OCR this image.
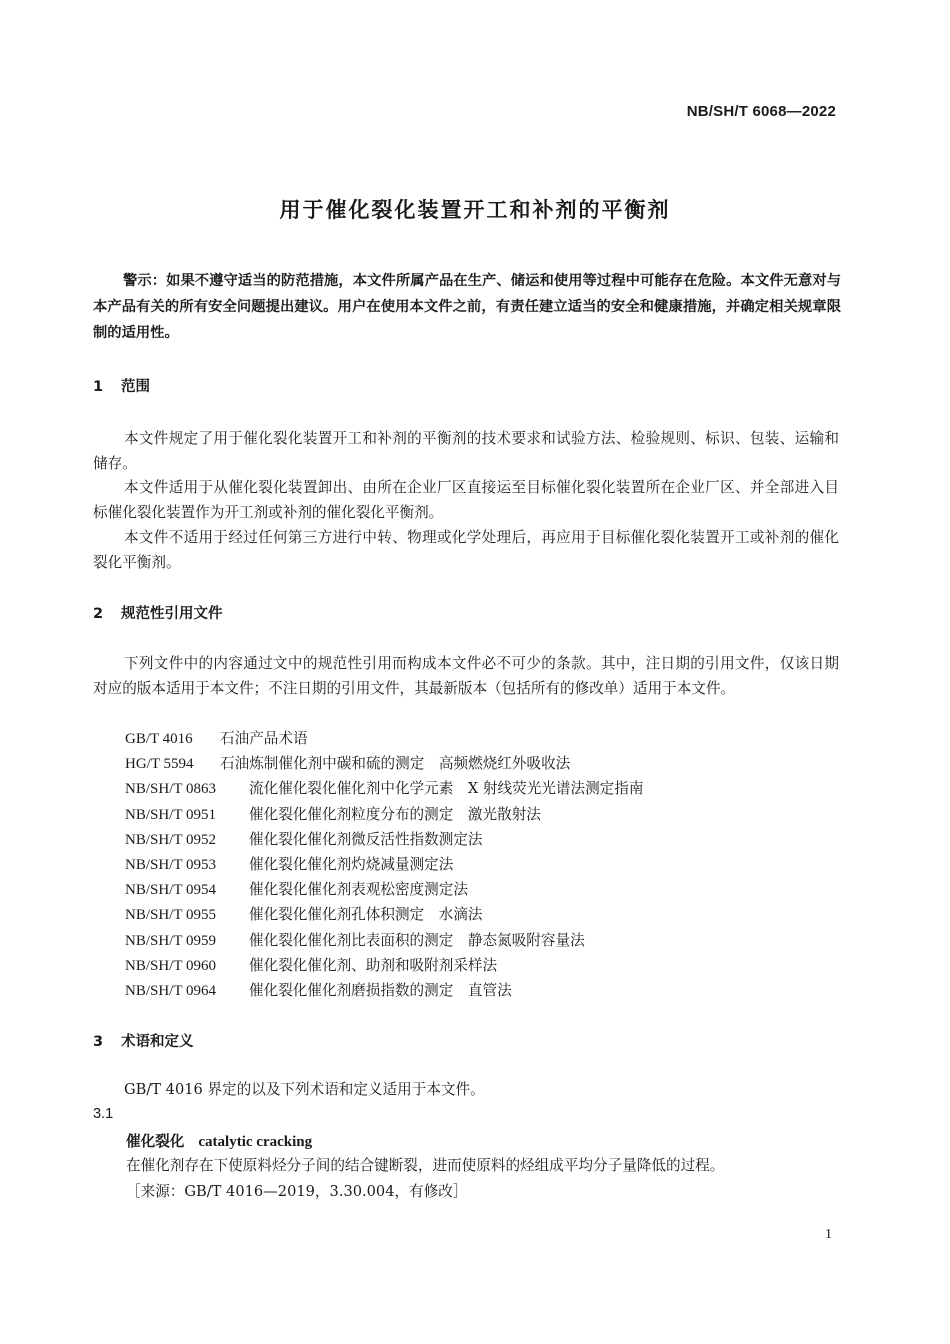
NB/SH/T 6068—2022
用于催化裂化装置开工和补剂的平衡剂
警示：如果不遵守适当的防范措施，本文件所属产品在生产、储运和使用等过程中可能存在危险。本文件无意对与本产品有关的所有安全问题提出建议。用户在使用本文件之前，有责任建立适当的安全和健康措施，并确定相关规章限制的适用性。
1 范围
本文件规定了用于催化裂化装置开工和补剂的平衡剂的技术要求和试验方法、检验规则、标识、包装、运输和储存。
本文件适用于从催化裂化装置卸出、由所在企业厂区直接运至目标催化裂化装置所在企业厂区、并全部进入目标催化裂化装置作为开工剂或补剂的催化裂化平衡剂。
本文件不适用于经过任何第三方进行中转、物理或化学处理后，再应用于目标催化裂化装置开工或补剂的催化裂化平衡剂。
2 规范性引用文件
下列文件中的内容通过文中的规范性引用而构成本文件必不可少的条款。其中，注日期的引用文件，仅该日期对应的版本适用于本文件；不注日期的引用文件，其最新版本（包括所有的修改单）适用于本文件。
GB/T 4016 石油产品术语
HG/T 5594 石油炼制催化剂中碳和硫的测定　高频燃烧红外吸收法
NB/SH/T 0863 流化催化裂化催化剂中化学元素　X 射线荧光光谱法测定指南
NB/SH/T 0951 催化裂化催化剂粒度分布的测定　激光散射法
NB/SH/T 0952 催化裂化催化剂微反活性指数测定法
NB/SH/T 0953 催化裂化催化剂灼烧减量测定法
NB/SH/T 0954 催化裂化催化剂表观松密度测定法
NB/SH/T 0955 催化裂化催化剂孔体积测定　水滴法
NB/SH/T 0959 催化裂化催化剂比表面积的测定　静态氮吸附容量法
NB/SH/T 0960 催化裂化催化剂、助剂和吸附剂采样法
NB/SH/T 0964 催化裂化催化剂磨损指数的测定　直管法
3 术语和定义
GB/T 4016 界定的以及下列术语和定义适用于本文件。
3.1
催化裂化 catalytic cracking
在催化剂存在下使原料烃分子间的结合键断裂，进而使原料的烃组成平均分子量降低的过程。
［来源：GB/T 4016—2019，3.30.004，有修改］
1
